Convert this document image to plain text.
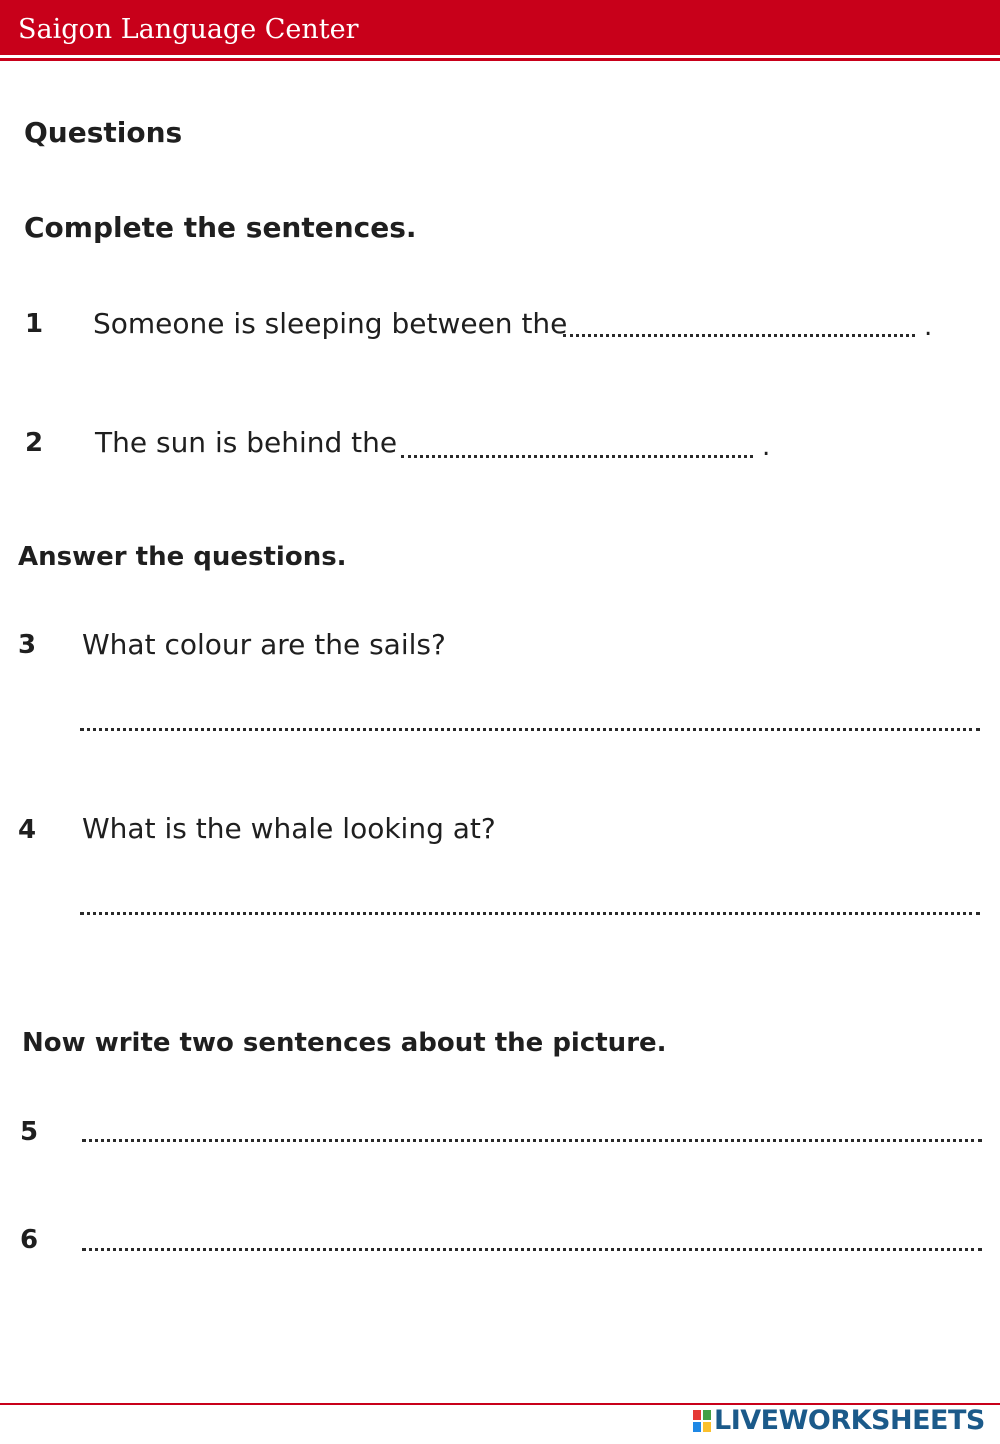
Saigon Language Center
Questions
Complete the sentences.
1 Someone is sleeping between the	.
2 The sun is behind the	.
Answer the questions.
3 What colour are the sails?
4 What is the whale looking at?
Now write two sentences about the picture.
5
6
LIVEWORKSHEETS
